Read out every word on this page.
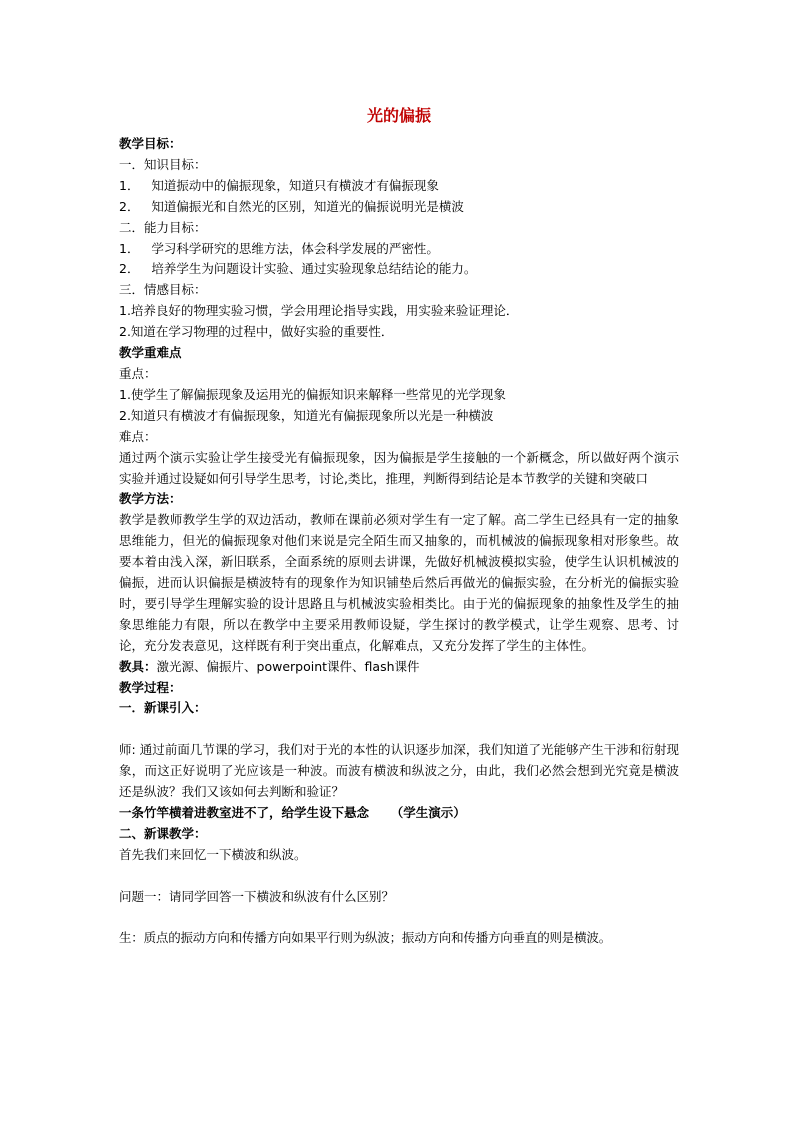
光的偏振

教学目标：

一．知识目标：

1．   知道振动中的偏振现象，知道只有横波才有偏振现象

2．   知道偏振光和自然光的区别，知道光的偏振说明光是横波

二．能力目标：

1．   学习科学研究的思维方法，体会科学发展的严密性。

2．   培养学生为问题设计实验、通过实验现象总结结论的能力。

三．情感目标：

1.培养良好的物理实验习惯，学会用理论指导实践，用实验来验证理论．

2.知道在学习物理的过程中，做好实验的重要性．

教学重难点

重点：

1.使学生了解偏振现象及运用光的偏振知识来解释一些常见的光学现象

2.知道只有横波才有偏振现象，知道光有偏振现象所以光是一种横波

难点：

通过两个演示实验让学生接受光有偏振现象，因为偏振是学生接触的一个新概念，所以做好两个演示实验并通过设疑如何引导学生思考，讨论,类比，推理，判断得到结论是本节教学的关键和突破口

教学方法：

教学是教师教学生学的双边活动，教师在课前必须对学生有一定了解。高二学生已经具有一定的抽象思维能力，但光的偏振现象对他们来说是完全陌生而又抽象的，而机械波的偏振现象相对形象些。故要本着由浅入深，新旧联系，全面系统的原则去讲课，先做好机械波模拟实验，使学生认识机械波的偏振，进而认识偏振是横波特有的现象作为知识铺垫后然后再做光的偏振实验，在分析光的偏振实验时，要引导学生理解实验的设计思路且与机械波实验相类比。由于光的偏振现象的抽象性及学生的抽象思维能力有限，所以在教学中主要采用教师设疑，学生探讨的教学模式，让学生观察、思考、讨论，充分发表意见，这样既有利于突出重点，化解难点，又充分发挥了学生的主体性。

教具：激光源、偏振片、powerpoint课件、flash课件

教学过程：

一．新课引入：

师: 通过前面几节课的学习，我们对于光的本性的认识逐步加深，我们知道了光能够产生干涉和衍射现象，而这正好说明了光应该是一种波。而波有横波和纵波之分，由此，我们必然会想到光究竟是横波还是纵波？我们又该如何去判断和验证？

一条竹竿横着进教室进不了，给学生设下悬念     （学生演示）

二、新课教学：

首先我们来回忆一下横波和纵波。

问题一：请同学回答一下横波和纵波有什么区别？

生：质点的振动方向和传播方向如果平行则为纵波；振动方向和传播方向垂直的则是横波。
